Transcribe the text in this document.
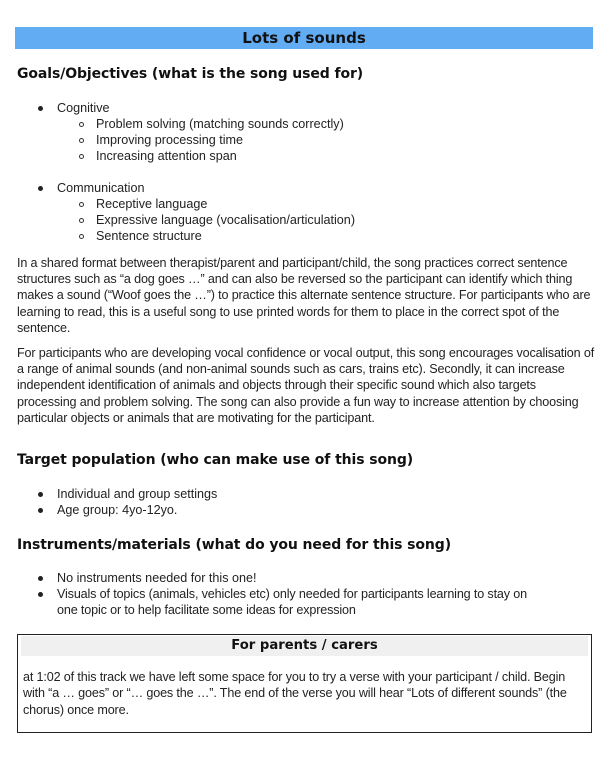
Lots of sounds
Goals/Objectives (what is the song used for)
Cognitive
Problem solving (matching sounds correctly)
Improving processing time
Increasing attention span
Communication
Receptive language
Expressive language (vocalisation/articulation)
Sentence structure

In a shared format between therapist/parent and participant/child, the song practices correct sentence structures such as “a dog goes …” and can also be reversed so the participant can identify which thing makes a sound (“Woof goes the …”) to practice this alternate sentence structure. For participants who are learning to read, this is a useful song to use printed words for them to place in the correct spot of the sentence.

For participants who are developing vocal confidence or vocal output, this song encourages vocalisation of a range of animal sounds (and non-animal sounds such as cars, trains etc). Secondly, it can increase independent identification of animals and objects through their specific sound which also targets processing and problem solving. The song can also provide a fun way to increase attention by choosing particular objects or animals that are motivating for the participant.

Target population (who can make use of this song)
Individual and group settings
Age group: 4yo-12yo.
Instruments/materials (what do you need for this song)
No instruments needed for this one!
Visuals of topics (animals, vehicles etc) only needed for participants learning to stay on
one topic or to help facilitate some ideas for expression
For parents / carers

at 1:02 of this track we have left some space for you to try a verse with your participant / child. Begin with “a … goes” or “… goes the …”. The end of the verse you will hear “Lots of different sounds” (the chorus) once more.
